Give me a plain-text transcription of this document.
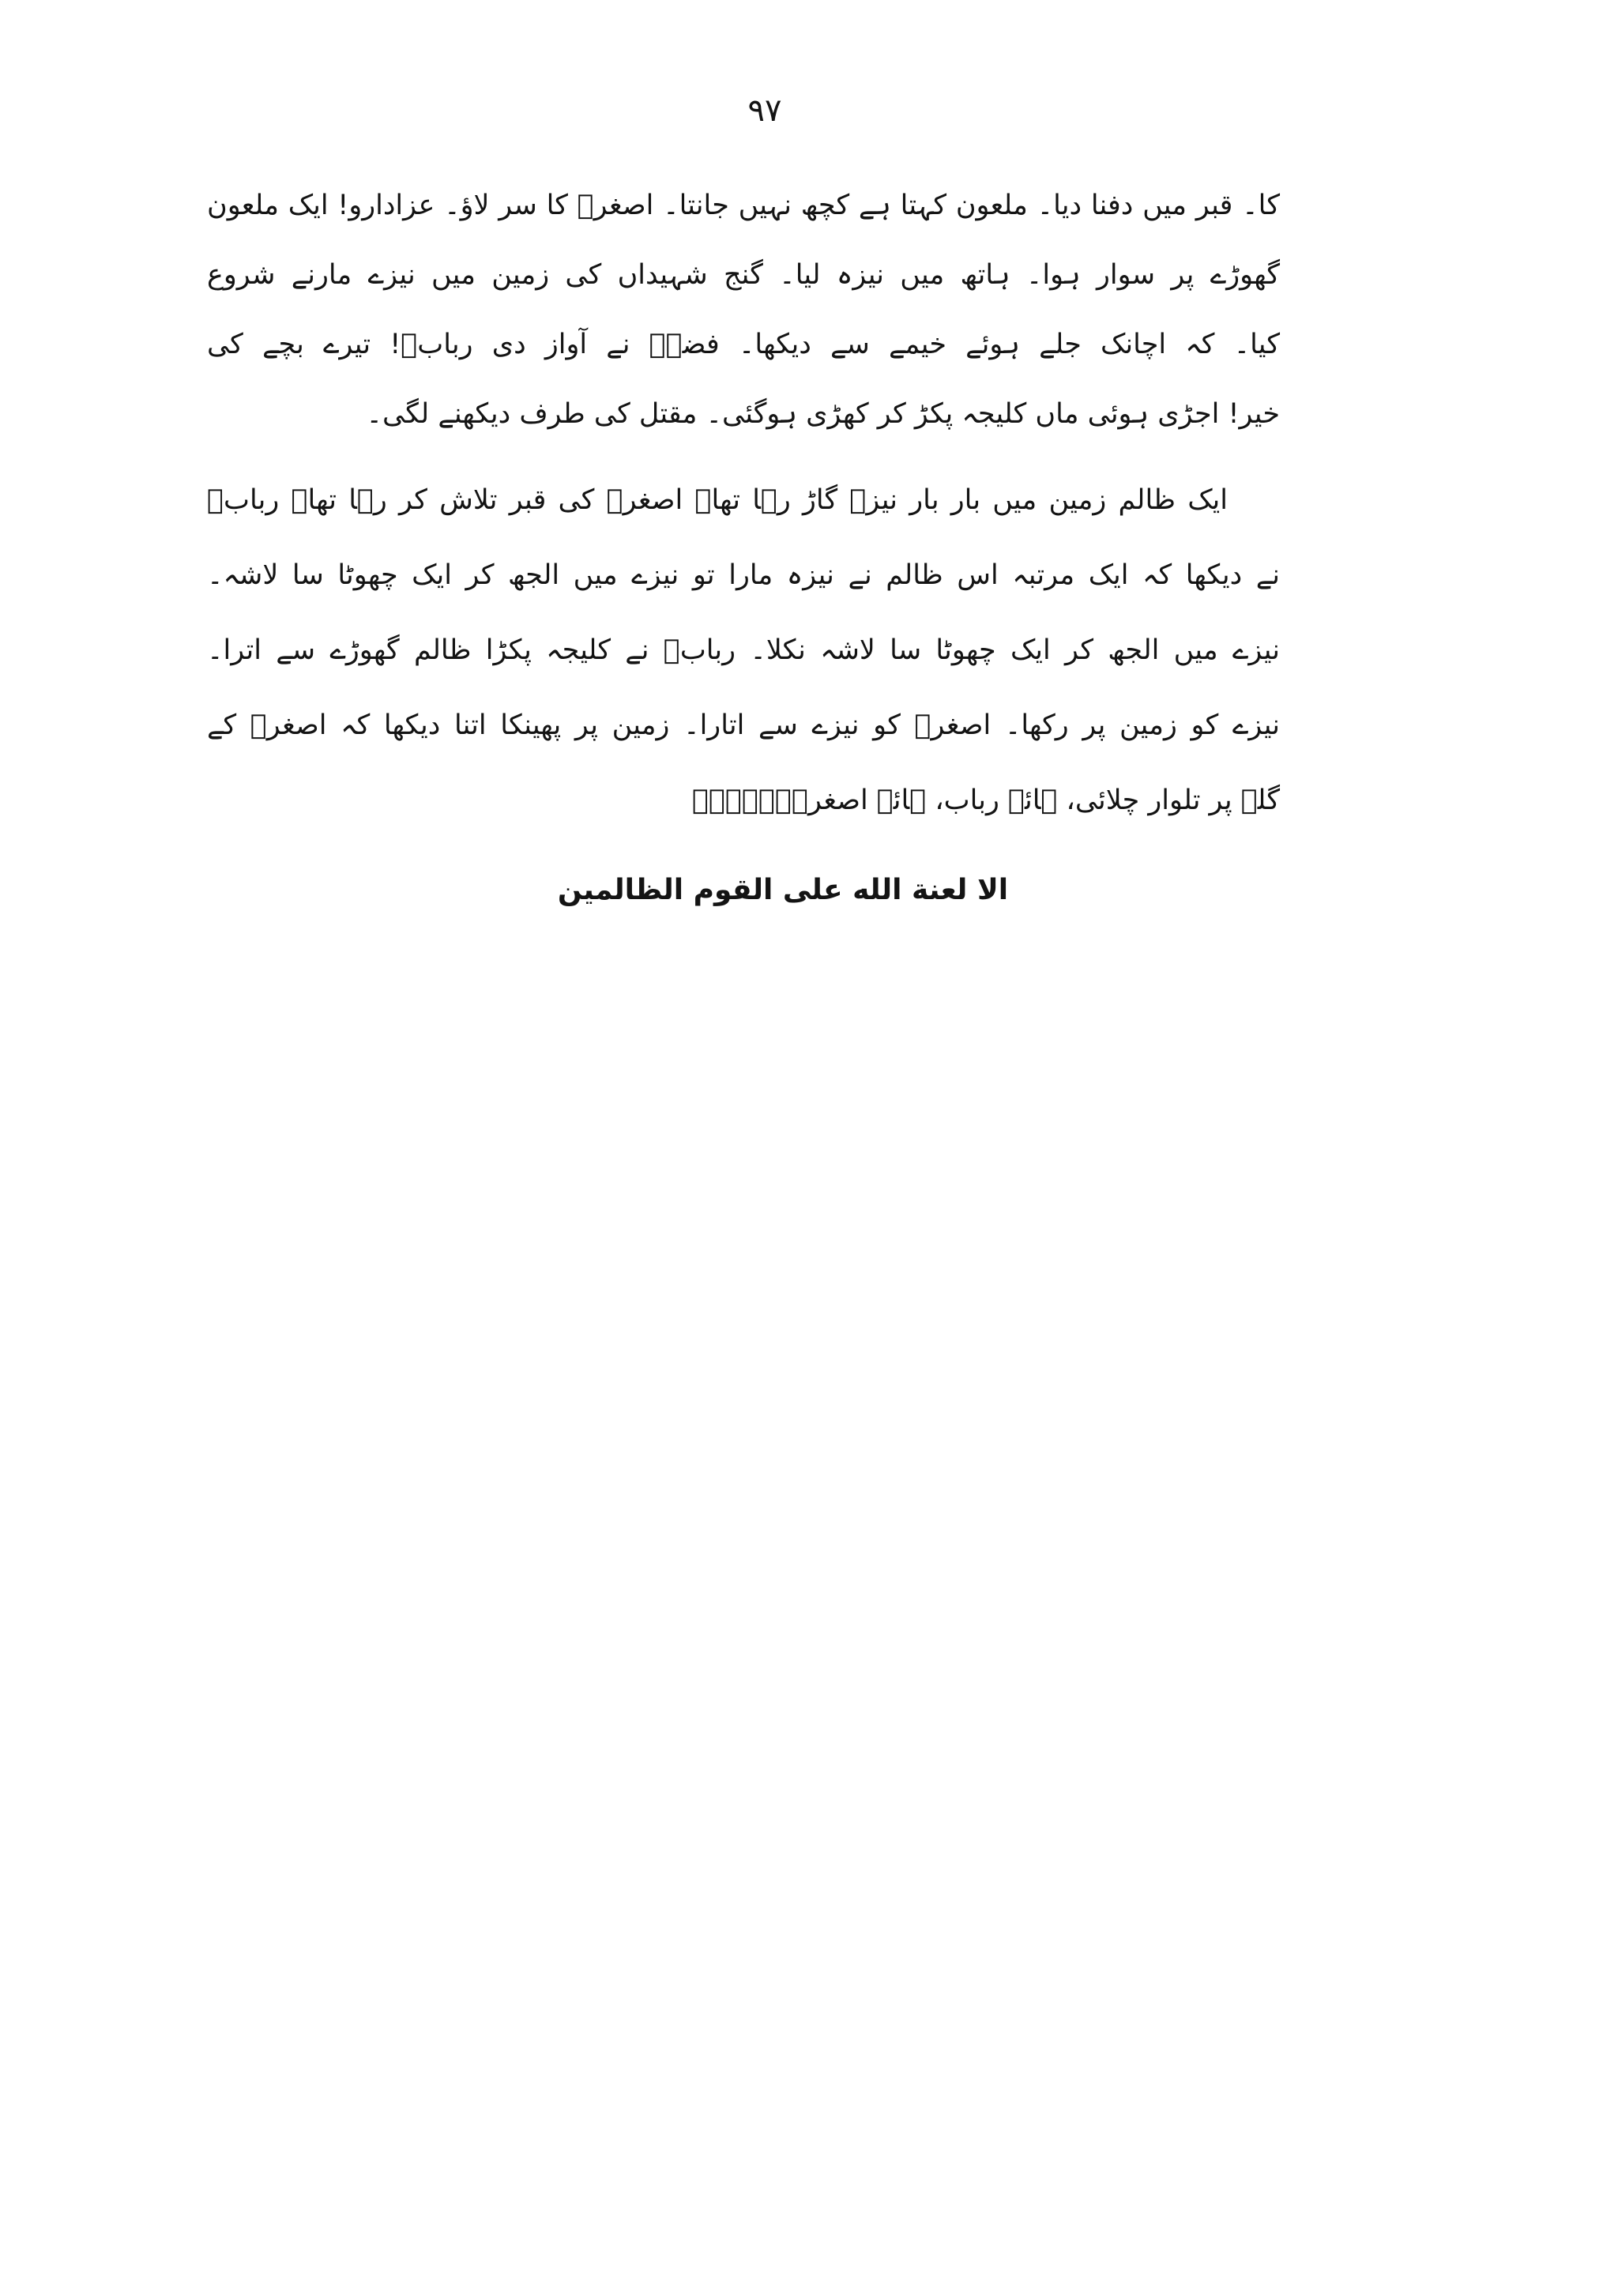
۹۷
کا۔ قبر میں دفنا دیا۔ ملعون کہتا ہے کچھ نہیں جانتا۔ اصغرؑ کا سر لاؤ۔ عزادارو! ایک ملعون
گھوڑے پر سوار ہوا۔ ہاتھ میں نیزہ لیا۔ گنج شہیداں کی زمین میں نیزے مارنے شروع
کیا۔ کہ اچانک جلے ہوئے خیمے سے دیکھا۔ فضہؓ نے آواز دی ربابؑ! تیرے بچے کی
خیر! اجڑی ہوئی ماں کلیجہ پکڑ کر کھڑی ہوگئی۔ مقتل کی طرف دیکھنے لگی۔
ایک ظالم زمین میں بار بار نیزہ گاڑ رہا تھا۔ اصغرؑ کی قبر تلاش کر رہا تھا۔ ربابؑ
نے دیکھا کہ ایک مرتبہ اس ظالم نے نیزہ مارا تو نیزے میں الجھ کر ایک چھوٹا سا لاشہ۔
نیزے میں الجھ کر ایک چھوٹا سا لاشہ نکلا۔ ربابؑ نے کلیجہ پکڑا ظالم گھوڑے سے اترا۔
نیزے کو زمین پر رکھا۔ اصغرؑ کو نیزے سے اتارا۔ زمین پر پھینکا اتنا دیکھا کہ اصغرؑ کے
گلے پر تلوار چلائی، ہائے رباب، ہائے اصغرؑ۔۔۔۔۔۔
الا لعنة الله على القوم الظالمين
